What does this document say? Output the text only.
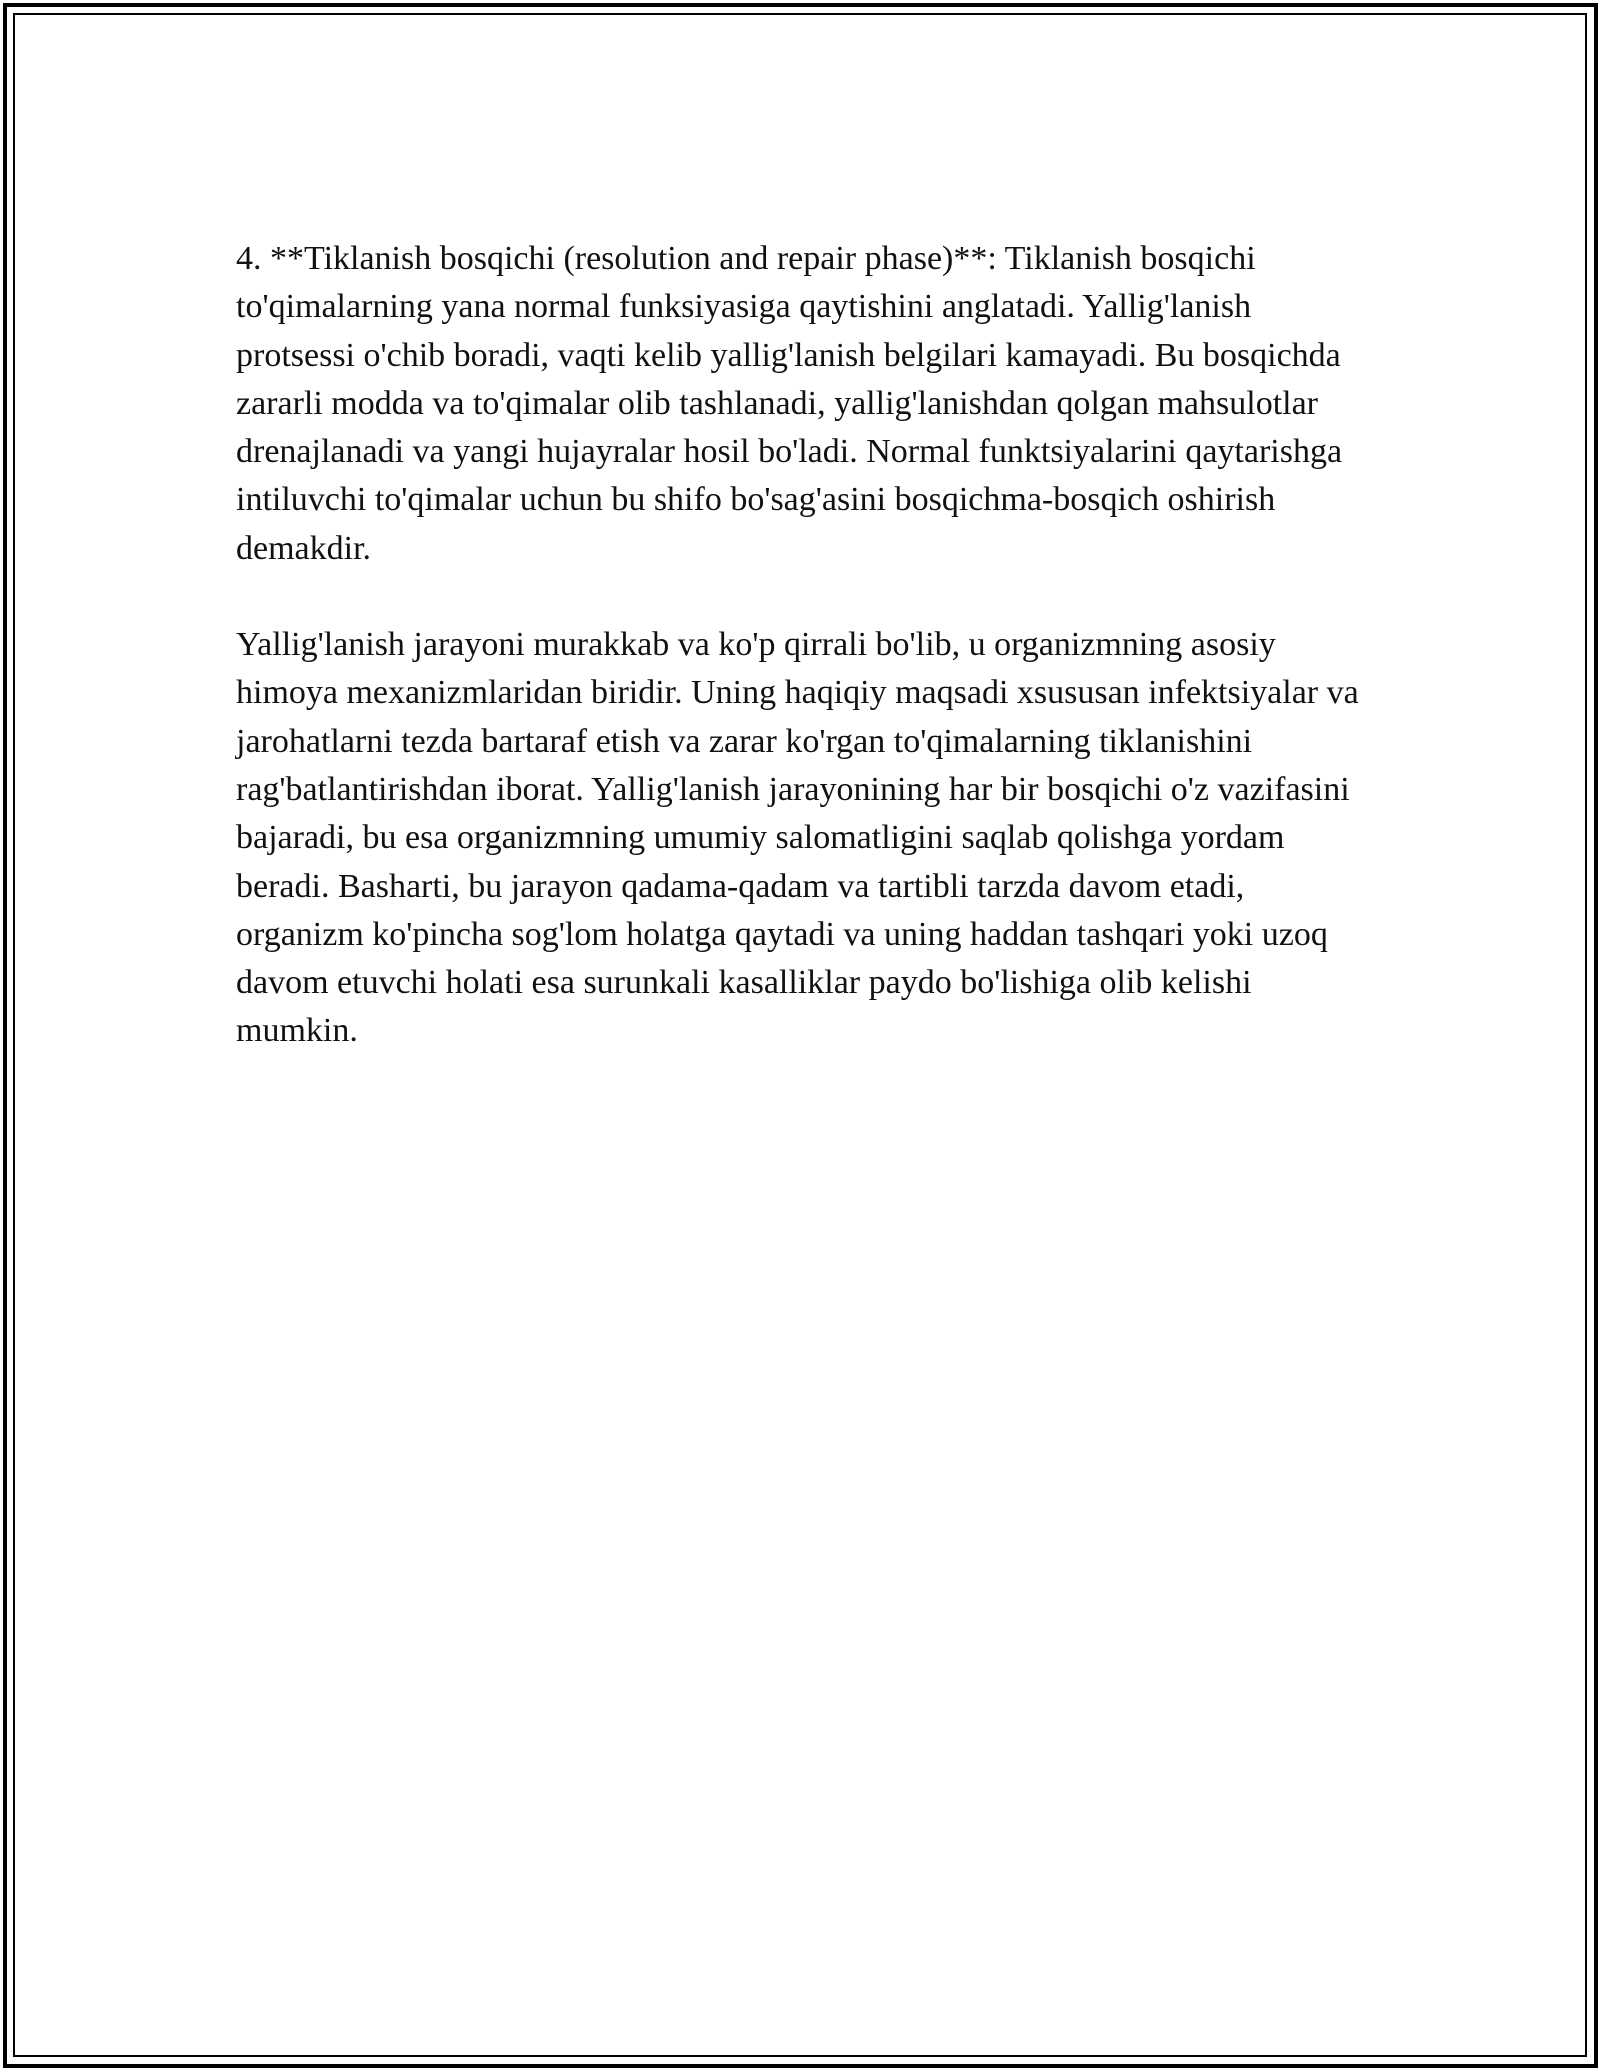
4. **Tiklanish bosqichi (resolution and repair phase)**: Tiklanish bosqichi to'qimalarning yana normal funksiyasiga qaytishini anglatadi. Yallig'lanish protsessi o'chib boradi, vaqti kelib yallig'lanish belgilari kamayadi. Bu bosqichda zararli modda va to'qimalar olib tashlanadi, yallig'lanishdan qolgan mahsulotlar drenajlanadi va yangi hujayralar hosil bo'ladi. Normal funktsiyalarini qaytarishga intiluvchi to'qimalar uchun bu shifo bo'sag'asini bosqichma-bosqich oshirish demakdir.

Yallig'lanish jarayoni murakkab va ko'p qirrali bo'lib, u organizmning asosiy himoya mexanizmlaridan biridir. Uning haqiqiy maqsadi xsususan infektsiyalar va jarohatlarni tezda bartaraf etish va zarar ko'rgan to'qimalarning tiklanishini rag'batlantirishdan iborat. Yallig'lanish jarayonining har bir bosqichi o'z vazifasini bajaradi, bu esa organizmning umumiy salomatligini saqlab qolishga yordam beradi. Basharti, bu jarayon qadama-qadam va tartibli tarzda davom etadi, organizm ko'pincha sog'lom holatga qaytadi va uning haddan tashqari yoki uzoq davom etuvchi holati esa surunkali kasalliklar paydo bo'lishiga olib kelishi mumkin.
